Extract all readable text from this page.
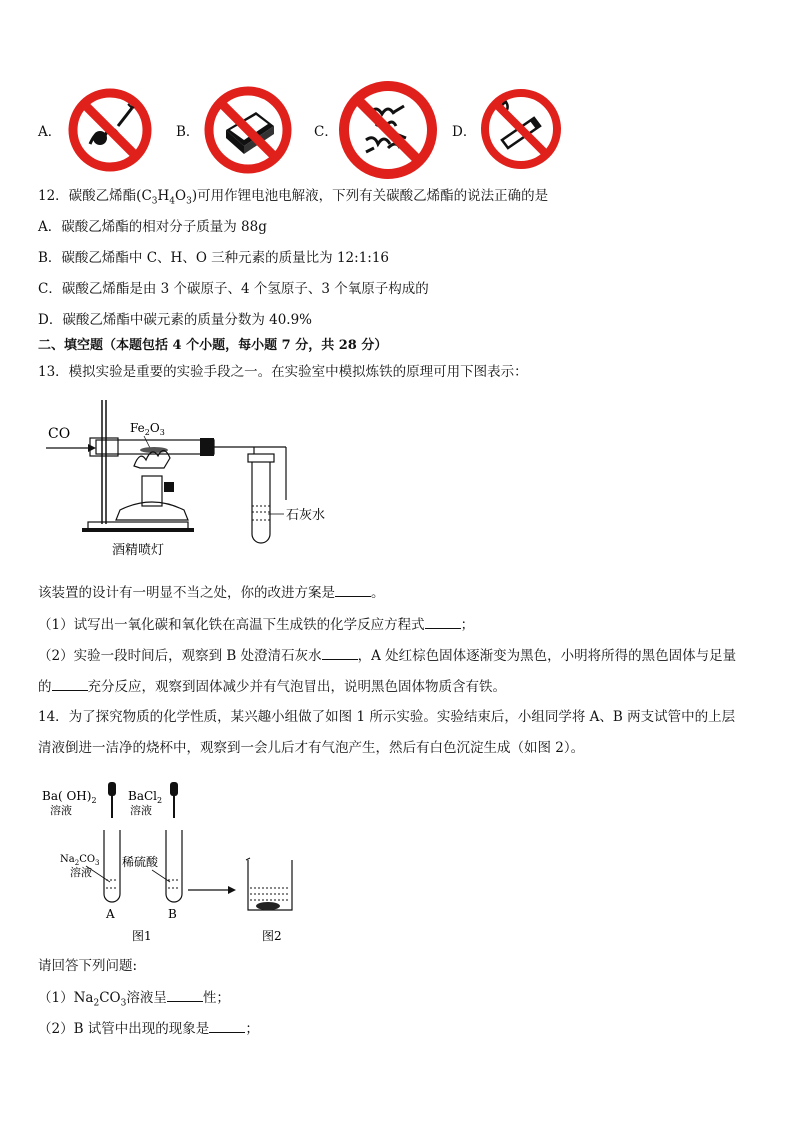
A．	B．	C．	D．
12．碳酸乙烯酯$(C_3H_4O_3)$可用作锂电池电解液，下列有关碳酸乙烯酯的说法正确的是
A．碳酸乙烯酯的相对分子质量为 88g
B．碳酸乙烯酯中 C、H、O 三种元素的质量比为 12:1:16
C．碳酸乙烯酯是由 3 个碳原子、4 个氢原子、3 个氧原子构成的
D．碳酸乙烯酯中碳元素的质量分数为 40.9%
二、填空题（本题包括 4 个小题，每小题 7 分，共 28 分）
13．模拟实验是重要的实验手段之一。在实验室中模拟炼铁的原理可用下图表示：
CO	$Fe_2O_3$
酒精喷灯
石灰水
该装置的设计有一明显不当之处，你的改进方案是	。
（1）试写出一氧化碳和氧化铁在高温下生成铁的化学反应方程式	；
（2）实验一段时间后，观察到 B 处澄清石灰水	，A 处红棕色固体逐渐变为黑色，小明将所得的黑色固体与足量
的	充分反应，观察到固体减少并有气泡冒出，说明黑色固体物质含有铁。
14．为了探究物质的化学性质，某兴趣小组做了如图 1 所示实验。实验结束后，小组同学将 A、B 两支试管中的上层
清液倒进一洁净的烧杯中，观察到一会儿后才有气泡产生，然后有白色沉淀生成（如图 2）。
Ba( $OH)_2$
溶液
BaCl$_2$
溶液
$Na_2CO_3$
溶液
稀硫酸
A	B
图1	图2
请回答下列问题:
$(1)Na_2CO_3$溶液呈	性；
（2）B 试管中出现的现象是	；
